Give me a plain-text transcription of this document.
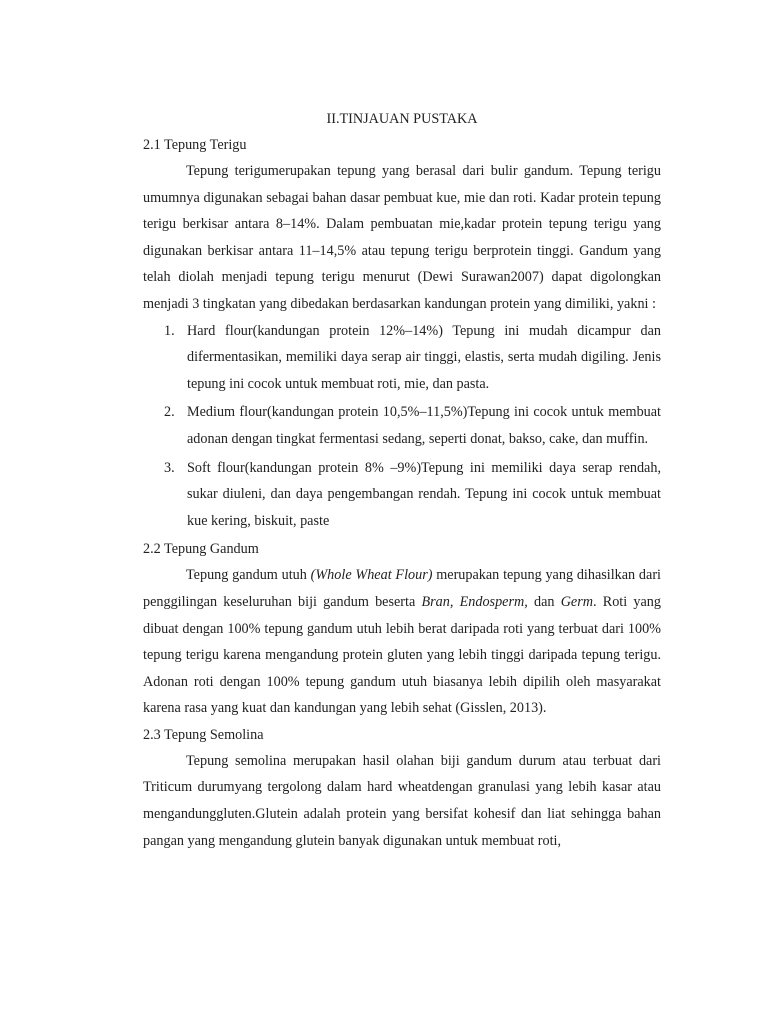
II.TINJAUAN PUSTAKA

2.1 Tepung Terigu

Tepung terigumerupakan tepung yang berasal dari bulir gandum. Tepung terigu umumnya digunakan sebagai bahan dasar pembuat kue, mie dan roti. Kadar protein tepung terigu berkisar antara 8–14%. Dalam pembuatan mie,kadar protein tepung terigu yang digunakan berkisar antara 11–14,5% atau tepung terigu berprotein tinggi. Gandum yang telah diolah menjadi tepung terigu menurut (Dewi Surawan2007) dapat digolongkan menjadi 3 tingkatan yang dibedakan berdasarkan kandungan protein yang dimiliki, yakni :

1. Hard flour(kandungan protein 12%–14%) Tepung ini mudah dicampur dan difermentasikan, memiliki daya serap air tinggi, elastis, serta mudah digiling. Jenis tepung ini cocok untuk membuat roti, mie, dan pasta.
2. Medium flour(kandungan protein 10,5%–11,5%)Tepung ini cocok untuk membuat adonan dengan tingkat fermentasi sedang, seperti donat, bakso, cake, dan muffin.
3. Soft flour(kandungan protein 8% –9%)Tepung ini memiliki daya serap rendah, sukar diuleni, dan daya pengembangan rendah. Tepung ini cocok untuk membuat kue kering, biskuit, paste

2.2 Tepung Gandum

Tepung gandum utuh (Whole Wheat Flour) merupakan tepung yang dihasilkan dari penggilingan keseluruhan biji gandum beserta Bran, Endosperm, dan Germ. Roti yang dibuat dengan 100% tepung gandum utuh lebih berat daripada roti yang terbuat dari 100% tepung terigu karena mengandung protein gluten yang lebih tinggi daripada tepung terigu. Adonan roti dengan 100% tepung gandum utuh biasanya lebih dipilih oleh masyarakat karena rasa yang kuat dan kandungan yang lebih sehat (Gisslen, 2013).

2.3 Tepung Semolina

Tepung semolina merupakan hasil olahan biji gandum durum atau terbuat dari Triticum durumyang tergolong dalam hard wheatdengan granulasi yang lebih kasar atau mengandunggluten.Glutein adalah protein yang bersifat kohesif dan liat sehingga bahan pangan yang mengandung glutein banyak digunakan untuk membuat roti,
